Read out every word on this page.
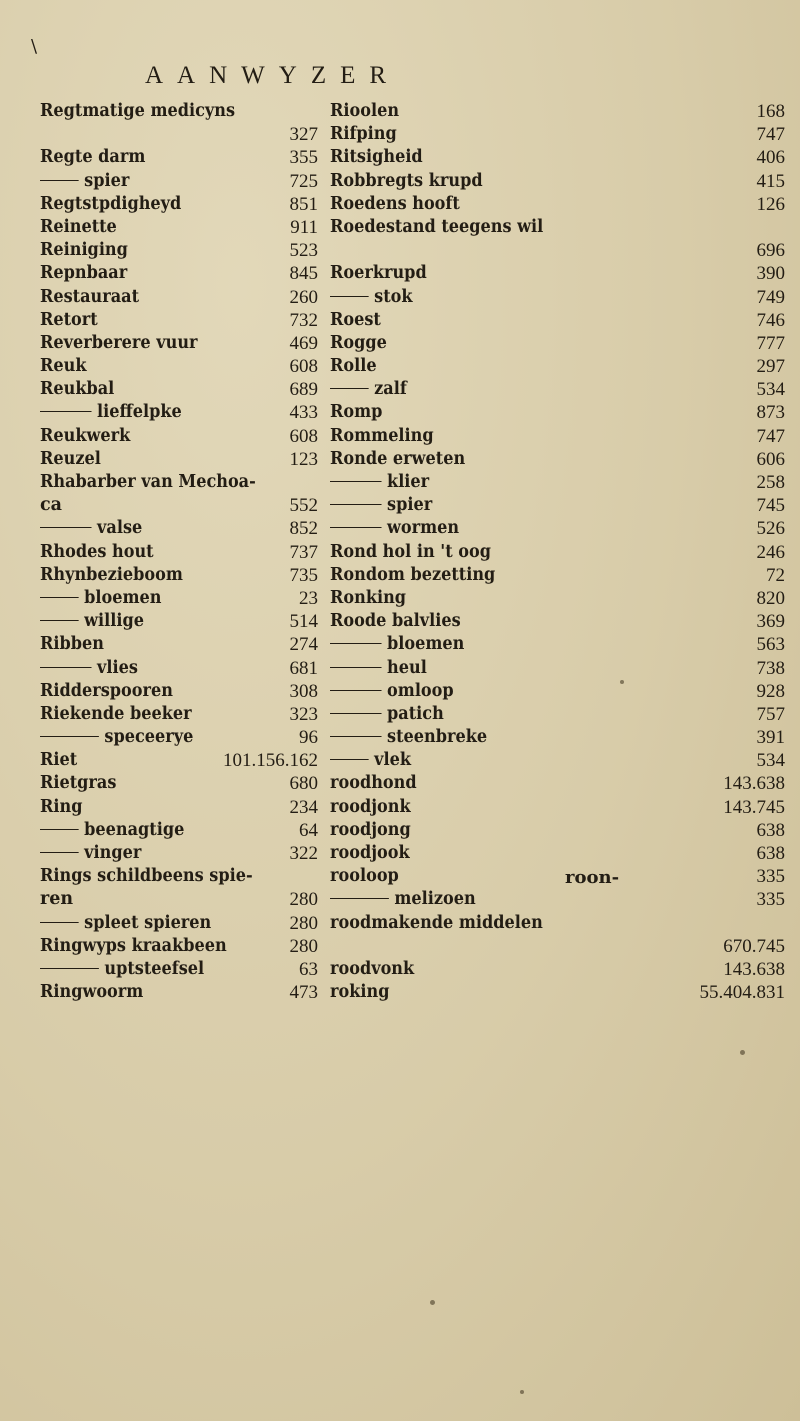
\
AANWYZER
Regtmatige medicyns
327
Regte darm	355
spier	725
Regtstpdigheyd	851
Reinette	911
Reiniging	523
Repnbaar	845
Restauraat	260
Retort	732
Reverberere vuur	469
Reuk	608
Reukbal	689
lieffelpke	433
Reukwerk	608
Reuzel	123
Rhabarber van Mechoa-
ca	552
valse	852
Rhodes hout	737
Rhynbezieboom	735
bloemen	23
willige	514
Ribben	274
vlies	681
Ridderspooren	308
Riekende beeker	323
speceerye	96
Riet	101.156.162
Rietgras	680
Ring	234
beenagtige	64
vinger	322
Rings schildbeens spie-
ren	280
spleet spieren	280
Ringwyps kraakbeen	280
uptsteefsel	63
Ringwoorm	473
Rioolen	168
Rifping	747
Ritsigheid	406
Robbregts krupd	415
Roedens hooft	126
Roedestand teegens wil
696
Roerkrupd	390
stok	749
Roest	746
Rogge	777
Rolle	297
zalf	534
Romp	873
Rommeling	747
Ronde erweten	606
klier	258
spier	745
wormen	526
Rond hol in 't oog	246
Rondom bezetting	72
Ronking	820
Roode balvlies	369
bloemen	563
heul	738
omloop	928
patich	757
steenbreke	391
vlek	534
roodhond	143.638
roodjonk	143.745
roodjong	638
roodjook	638
rooloop	335
melizoen	335
roodmakende middelen
670.745
roodvonk	143.638
roking	55.404.831
roon-
